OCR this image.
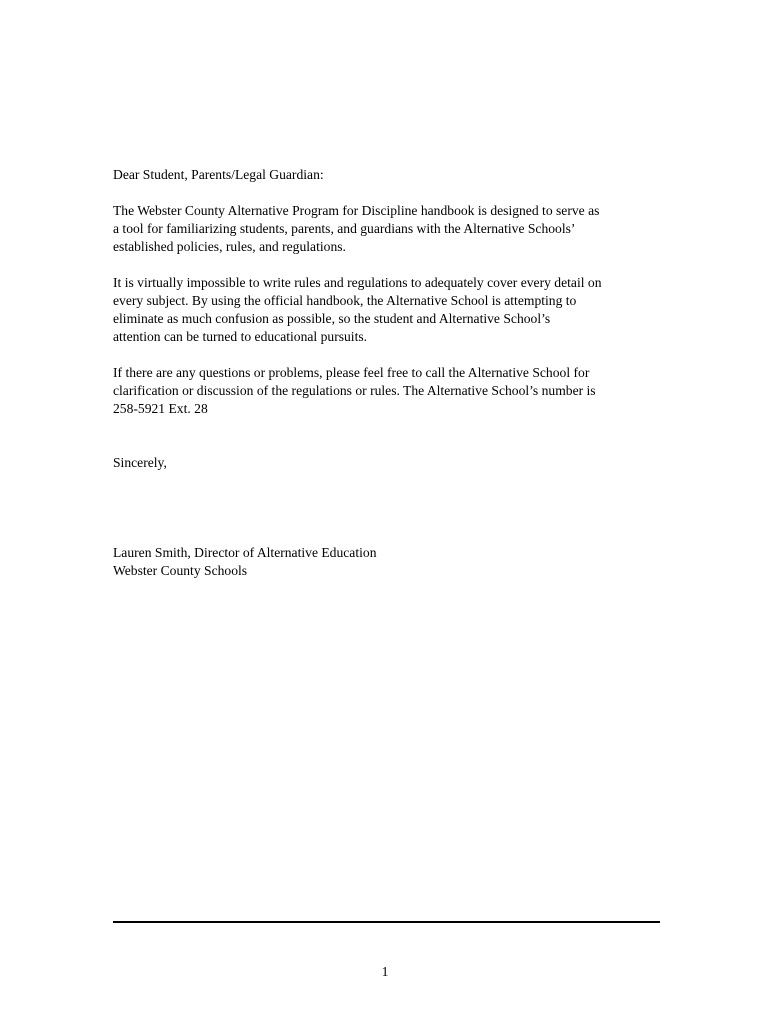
Dear Student, Parents/Legal Guardian:

The Webster County Alternative Program for Discipline handbook is designed to serve as
a tool for familiarizing students, parents, and guardians with the Alternative Schools’
established policies, rules, and regulations.

It is virtually impossible to write rules and regulations to adequately cover every detail on
every subject. By using the official handbook, the Alternative School is attempting to
eliminate as much confusion as possible, so the student and Alternative School’s
attention can be turned to educational pursuits.

If there are any questions or problems, please feel free to call the Alternative School for
clarification or discussion of the regulations or rules. The Alternative School’s number is
258-5921 Ext. 28

Sincerely,

Lauren Smith, Director of Alternative Education
Webster County Schools

1
